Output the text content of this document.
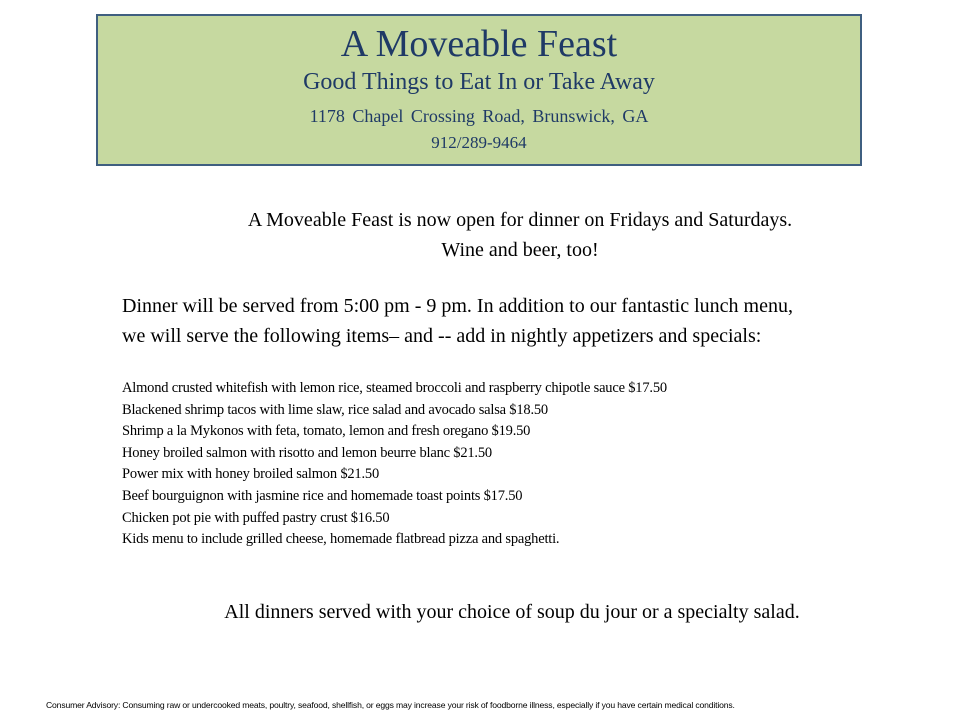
A Moveable Feast
Good Things to Eat In or Take Away
1178 Chapel Crossing Road, Brunswick, GA
912/289-9464
A Moveable Feast is now open for dinner on Fridays and Saturdays.
Wine and beer, too!
Dinner will be served from 5:00 pm - 9 pm. In addition to our fantastic lunch menu,
we will serve the following items– and -- add in nightly appetizers and specials:
Almond crusted whitefish with lemon rice, steamed broccoli and raspberry chipotle sauce $17.50
Blackened shrimp tacos with lime slaw, rice salad and avocado salsa $18.50
Shrimp a la Mykonos with feta, tomato, lemon and fresh oregano $19.50
Honey broiled salmon with risotto and lemon beurre blanc $21.50
Power mix with honey broiled salmon $21.50
Beef bourguignon with jasmine rice and homemade toast points $17.50
Chicken pot pie with puffed pastry crust $16.50
Kids menu to include grilled cheese, homemade flatbread pizza and spaghetti.
All dinners served with your choice of soup du jour or a specialty salad.
Consumer Advisory: Consuming raw or undercooked meats, poultry, seafood, shellfish, or eggs may increase your risk of foodborne illness, especially if you have certain medical conditions.
